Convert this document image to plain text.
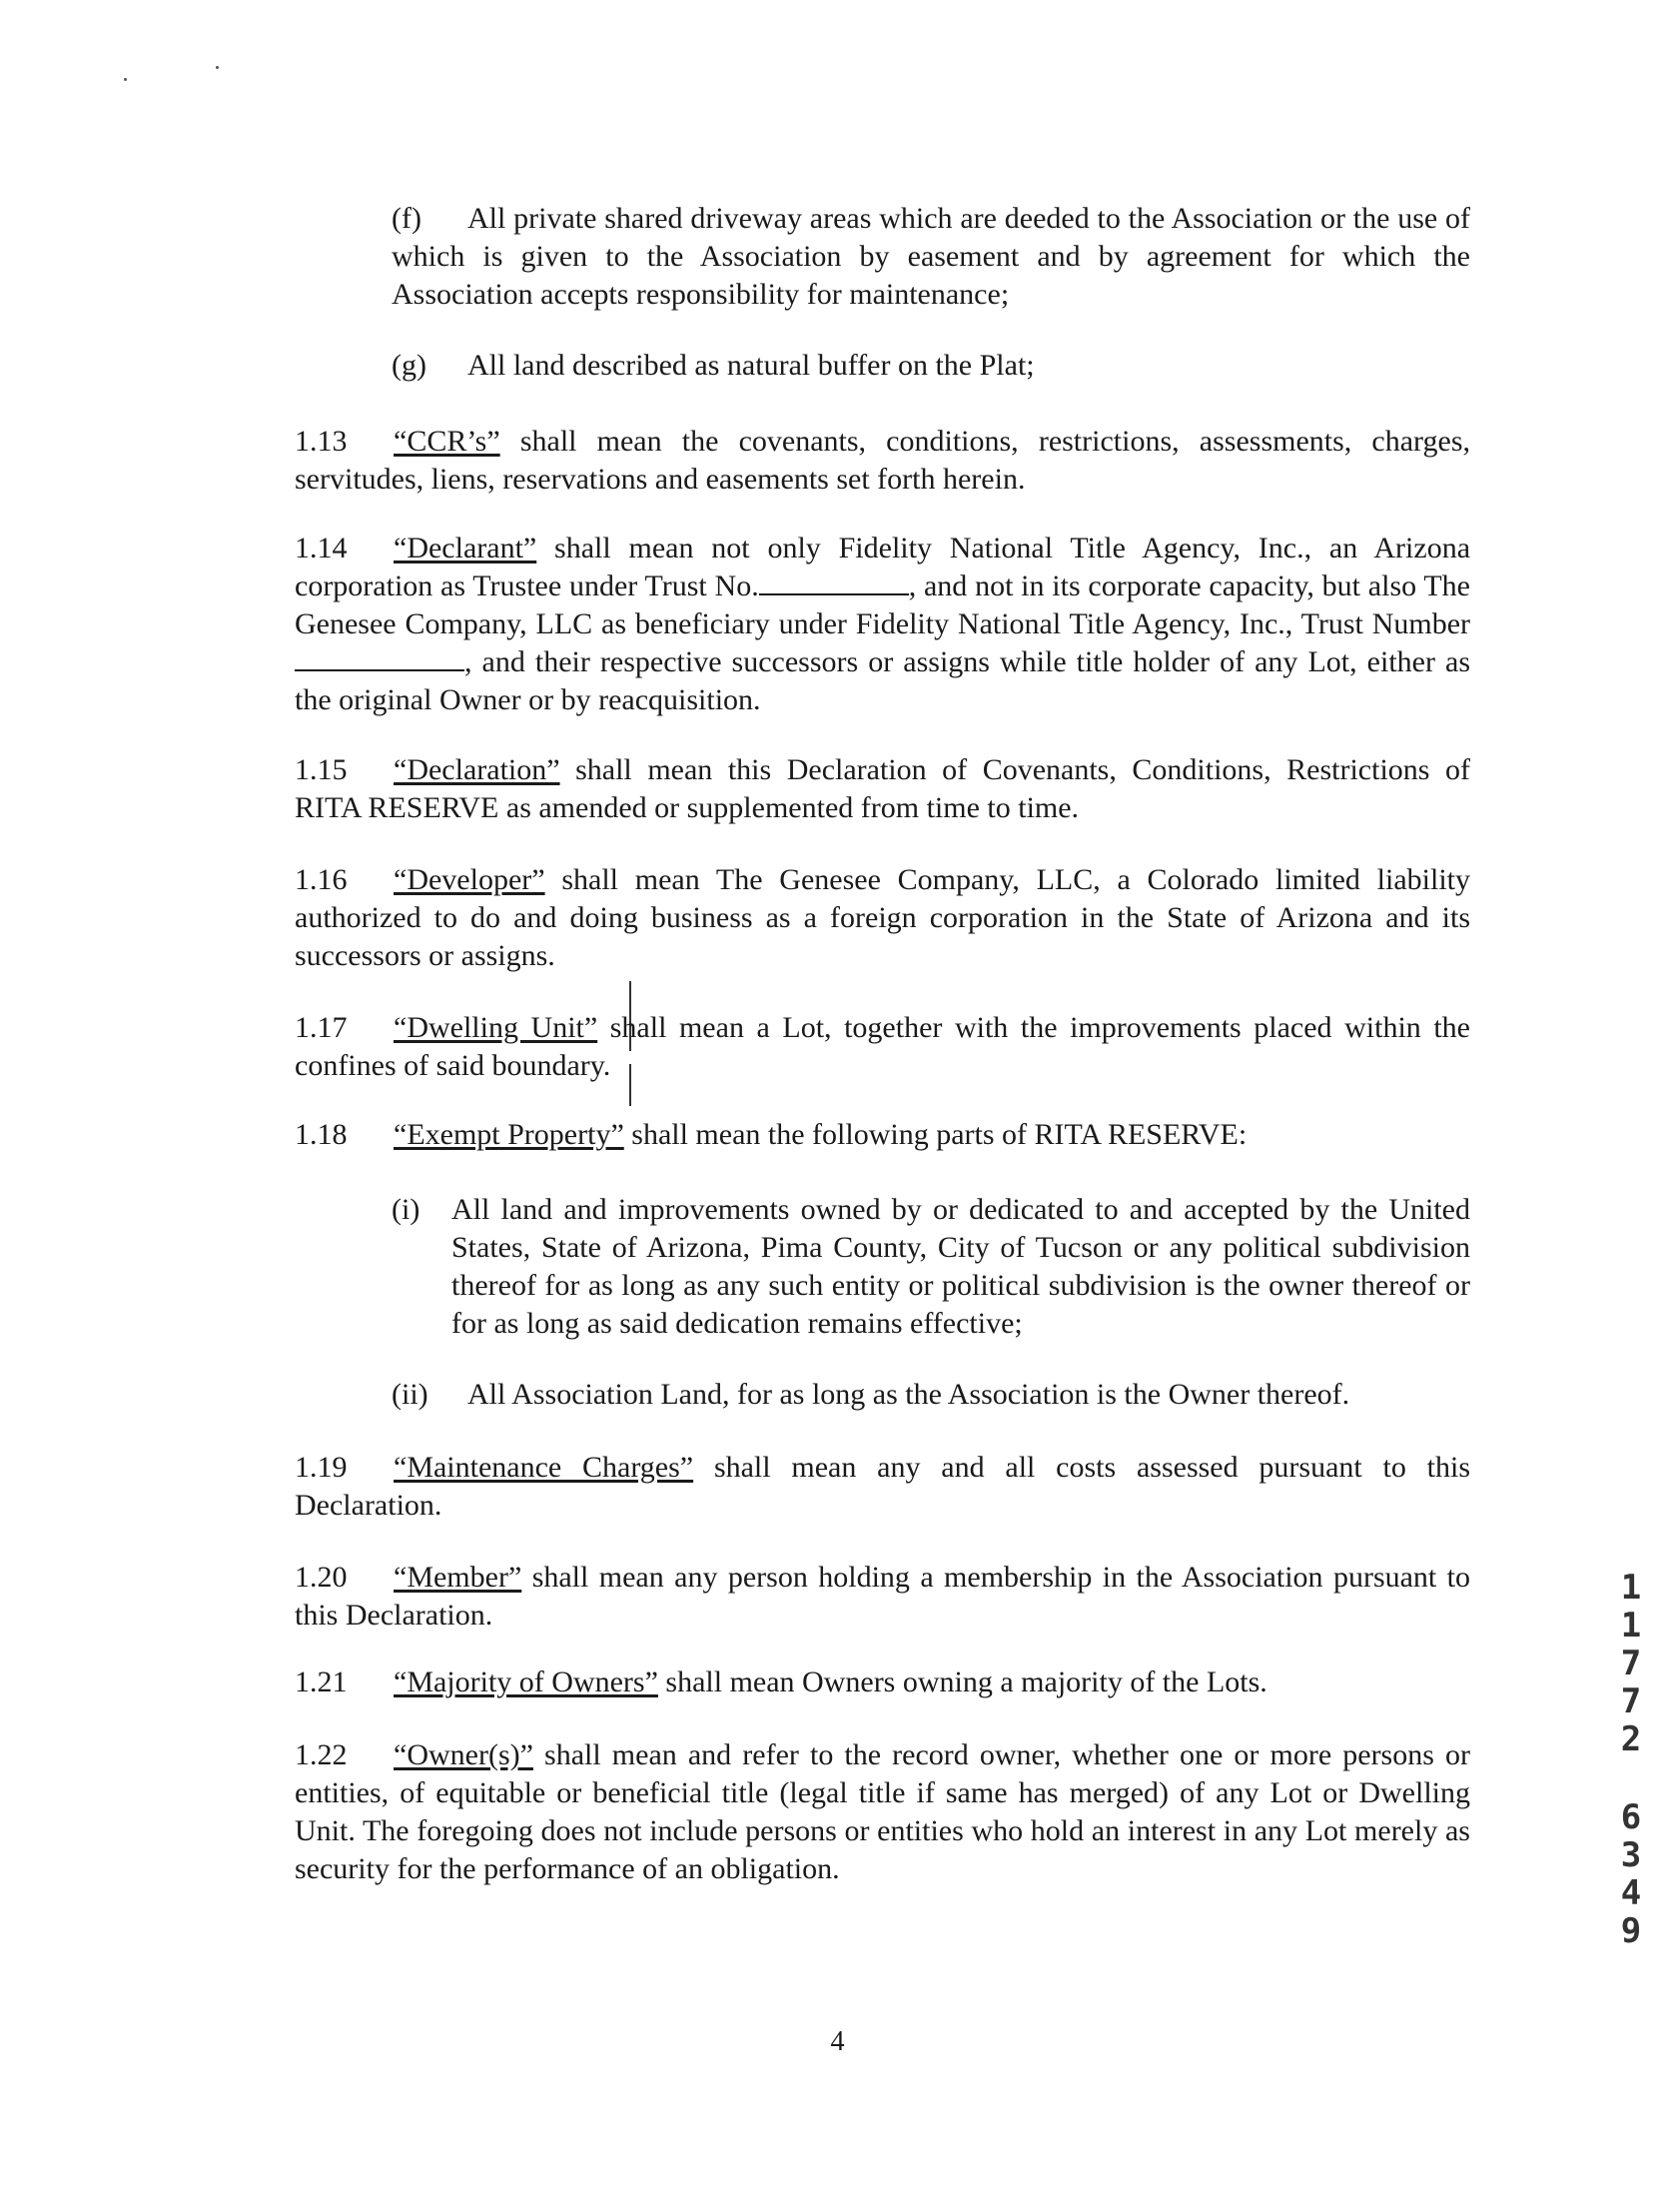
(f) All private shared driveway areas which are deeded to the Association or the use of which is given to the Association by easement and by agreement for which the Association accepts responsibility for maintenance;
(g) All land described as natural buffer on the Plat;
1.13 “CCR’s” shall mean the covenants, conditions, restrictions, assessments, charges, servitudes, liens, reservations and easements set forth herein.
1.14 “Declarant” shall mean not only Fidelity National Title Agency, Inc., an Arizona corporation as Trustee under Trust No.	, and not in its corporate capacity, but also The Genesee Company, LLC as beneficiary under Fidelity National Title Agency, Inc., Trust Number , and their respective successors or assigns while title holder of any Lot, either as the original Owner or by reacquisition.
1.15 “Declaration” shall mean this Declaration of Covenants, Conditions, Restrictions of RITA RESERVE as amended or supplemented from time to time.
1.16 “Developer” shall mean The Genesee Company, LLC, a Colorado limited liability authorized to do and doing business as a foreign corporation in the State of Arizona and its successors or assigns.
1.17 “Dwelling Unit” shall mean a Lot, together with the improvements placed within the confines of said boundary.
1.18 “Exempt Property” shall mean the following parts of RITA RESERVE:
(i) All land and improvements owned by or dedicated to and accepted by the United States, State of Arizona, Pima County, City of Tucson or any political subdivision thereof for as long as any such entity or political subdivision is the owner thereof or for as long as said dedication remains effective;
(ii) All Association Land, for as long as the Association is the Owner thereof.
1.19 “Maintenance Charges” shall mean any and all costs assessed pursuant to this Declaration.
1.20 “Member” shall mean any person holding a membership in the Association pursuant to this Declaration.
1.21 “Majority of Owners” shall mean Owners owning a majority of the Lots.
1.22 “Owner(s)” shall mean and refer to the record owner, whether one or more persons or entities, of equitable or beneficial title (legal title if same has merged) of any Lot or Dwelling Unit. The foregoing does not include persons or entities who hold an interest in any Lot merely as security for the performance of an obligation.
1
1
7
7
2
6
3
4
9
4
